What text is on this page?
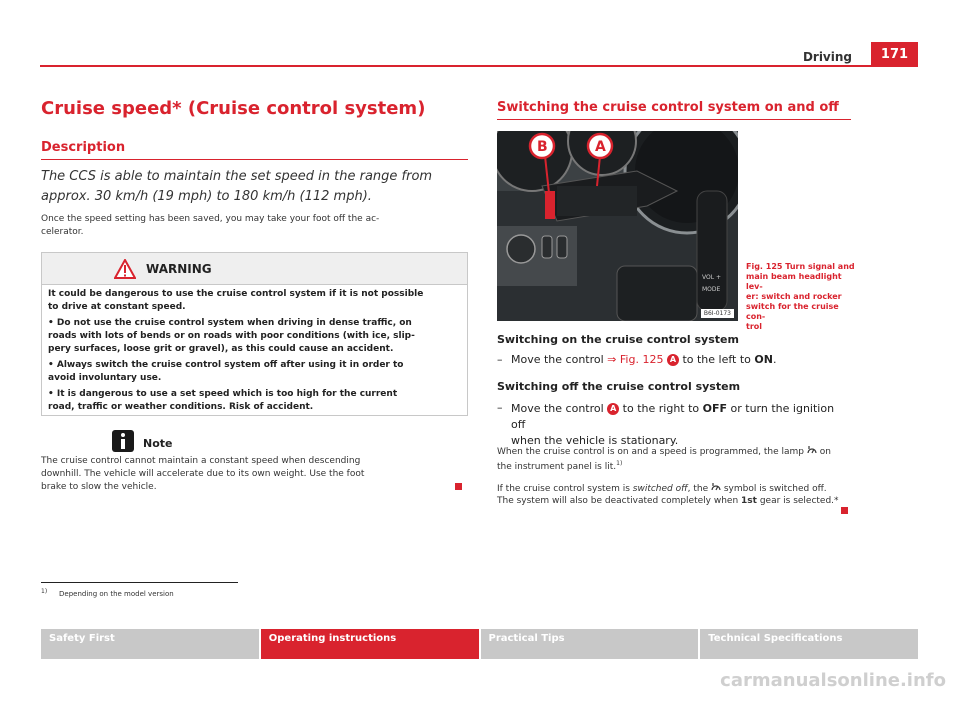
Driving	171
Cruise speed* (Cruise control system)
Description
The CCS is able to maintain the set speed in the range from
approx. 30 km/h (19 mph) to 180 km/h (112 mph).
Once the speed setting has been saved, you may take your foot off the ac-
celerator.
WARNING

It could be dangerous to use the cruise control system if it is not possible
to drive at constant speed.

• Do not use the cruise control system when driving in dense traffic, on
roads with lots of bends or on roads with poor conditions (with ice, slip-
pery surfaces, loose grit or gravel), as this could cause an accident.

• Always switch the cruise control system off after using it in order to
avoid involuntary use.

• It is dangerous to use a set speed which is too high for the current
road, traffic or weather conditions. Risk of accident.

Note
The cruise control cannot maintain a constant speed when descending
downhill. The vehicle will accelerate due to its own weight. Use the foot
brake to slow the vehicle.
Switching the cruise control system on and off
MODE
VOL +
B	A
B6I-0173
Fig. 125 Turn signal and
main beam headlight lev-
er: switch and rocker
switch for the cruise con-
trol
Switching on the cruise control system
– Move the control ⇒ Fig. 125 A to the left to ON.
Switching off the cruise control system
– Move the control A to the right to OFF or turn the ignition off
when the vehicle is stationary.
When the cruise control is on and a speed is programmed, the lamp  on
the instrument panel is lit.$^{1)}$
If the cruise control system is switched off, the  symbol is switched off.
The system will also be deactivated completely when 1st gear is selected.*
1) Depending on the model version
Safety First	Operating instructions	Practical Tips	Technical Specifications
carmanualsonline.info
